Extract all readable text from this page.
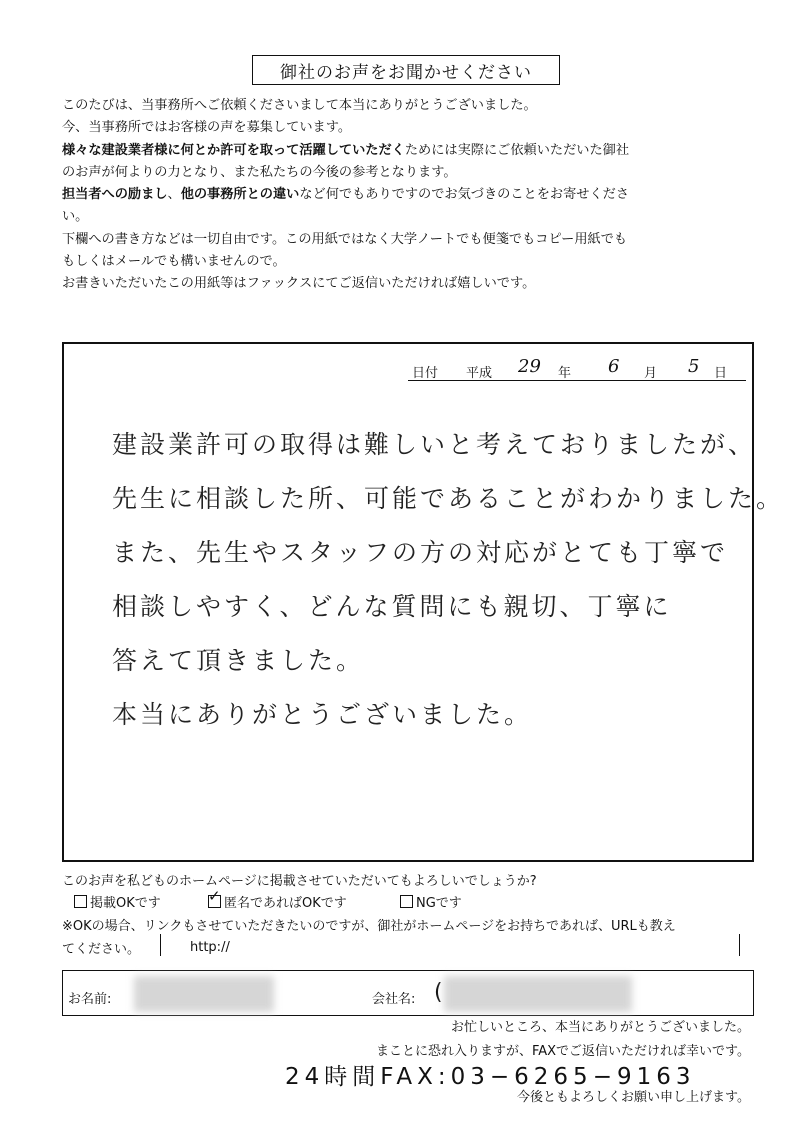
御社のお声をお聞かせください

このたびは、当事務所へご依頼くださいまして本当にありがとうございました。

今、当事務所ではお客様の声を募集しています。

様々な建設業者様に何とか許可を取って活躍していただくためには実際にご依頼いただいた御社

のお声が何よりの力となり、また私たちの今後の参考となります。

担当者への励まし、他の事務所との違いなど何でもありですのでお気づきのことをお寄せくださ

い。

下欄への書き方などは一切自由です。この用紙ではなく大学ノートでも便箋でもコピー用紙でも

もしくはメールでも構いませんので。

お書きいただいたこの用紙等はファックスにてご返信いただければ嬉しいです。

日付 平成 29 年 6 月 5 日
建設業許可の取得は難しいと考えておりましたが、
先生に相談した所、可能であることがわかりました。
また、先生やスタッフの方の対応がとても丁寧で
相談しやすく、どんな質問にも親切、丁寧に
答えて頂きました。
本当にありがとうございました。
このお声を私どものホームページに掲載させていただいてもよろしいでしょうか?
掲載OKです	✓ 匿名であればOKです	NGです
※OKの場合、リンクもさせていただきたいのですが、御社がホームページをお持ちであれば、URLも教え
てください。	http://
お名前:	会社名: (
お忙しいところ、本当にありがとうございました。
まことに恐れ入りますが、FAXでご返信いただければ幸いです。
24時間FAX:03−6265−9163
今後ともよろしくお願い申し上げます。
